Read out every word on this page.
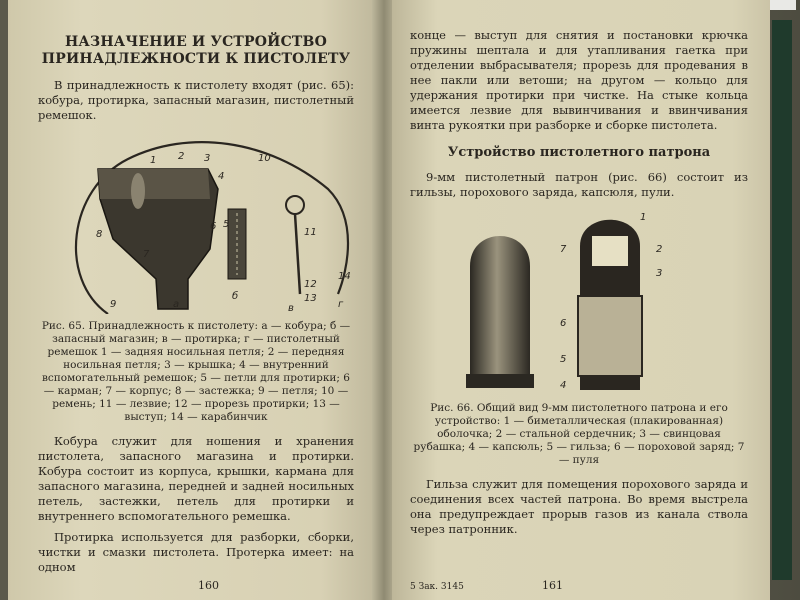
НАЗНАЧЕНИЕ И УСТРОЙСТВО ПРИНАДЛЕЖНОСТИ К ПИСТОЛЕТУ

В принадлежность к пистолету входят (рис. 65): кобура, протирка, запасный магазин, пистолетный ремешок.

1 2 3
4
5
6
7
8
9
10
11
12
13
14
а
б
в	г
Рис. 65. Принадлежность к пистолету: а — кобура; б — запасный магазин; в — протирка; г — пистолетный ремешок 1 — задняя носильная петля; 2 — передняя носильная петля; 3 — крышка; 4 — внутренний вспомогательный ремешок; 5 — петли для протирки; 6 — карман; 7 — корпус; 8 — застежка; 9 — петля; 10 — ремень; 11 — лезвие; 12 — прорезь протирки; 13 — выступ; 14 — карабинчик

Кобура служит для ношения и хранения пистолета, запасного магазина и протирки. Кобура состоит из корпуса, крышки, кармана для запасного магазина, передней и задней носильных петель, застежки, петель для протирки и внутреннего вспомогательного ремешка.

Протирка используется для разборки, сборки, чистки и смазки пистолета. Протерка имеет: на одном

160

конце — выступ для снятия и постановки крючка пружины шептала и для утапливания гаетка при отделении выбрасывателя; прорезь для продевания в нее пакли или ветоши; на другом — кольцо для удержания протирки при чистке. На стыке кольца имеется лезвие для вывинчивания и ввинчивания винта рукоятки при разборке и сборке пистолета.

Устройство пистолетного патрона

9-мм пистолетный патрон (рис. 66) состоит из гильзы, порохового заряда, капсюля, пули.

1
2
3
4
5
6
7
Рис. 66. Общий вид 9-мм пистолетного патрона и его устройство: 1 — биметаллическая (плакированная) оболочка; 2 — стальной сердечник; 3 — свинцовая рубашка; 4 — капсюль; 5 — гильза; 6 — пороховой заряд; 7 — пуля

Гильза служит для помещения порохового заряда и соединения всех частей патрона. Во время выстрела она предупреждает прорыв газов из канала ствола через патронник.

5 Зак. 3145	161
